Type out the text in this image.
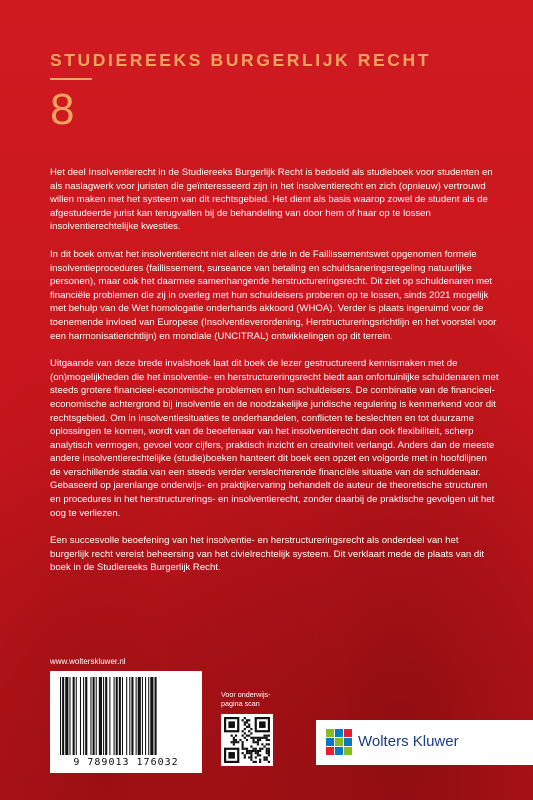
STUDIEREEKS BURGERLIJK RECHT
8

Het deel Insolventierecht in de Studiereeks Burgerlijk Recht is bedoeld als studieboek voor studenten en als naslagwerk voor juristen die geïnteresseerd zijn in het insolventierecht en zich (opnieuw) vertrouwd willen maken met het systeem van dit rechtsgebied. Het dient als basis waarop zowel de student als de afgestudeerde jurist kan terugvallen bij de behandeling van door hem of haar op te lossen insolventierechtelijke kwesties.

In dit boek omvat het insolventierecht niet alleen de drie in de Faillissementswet opgenomen formele insolventieprocedures (faillissement, surseance van betaling en schuldsaneringsregeling natuurlijke personen), maar ook het daarmee samenhangende herstructureringsrecht. Dit ziet op schuldenaren met financiële problemen die zij in overleg met hun schuldeisers proberen op te lossen, sinds 2021 mogelijk met behulp van de Wet homologatie onderhands akkoord (WHOA). Verder is plaats ingeruimd voor de toenemende invloed van Europese (Insolventieverordening, Herstructureringsrichtlijn en het voorstel voor een harmonisatierichtlijn) en mondiale (UNCITRAL) ontwikkelingen op dit terrein.

Uitgaande van deze brede invalshoek laat dit boek de lezer gestructureerd kennismaken met de (on)mogelijkheden die het insolventie- en herstructureringsrecht biedt aan onfortuinlijke schuldenaren met steeds grotere financieel-economische problemen en hun schuldeisers. De combinatie van de financieel-economische achtergrond bij insolventie en de noodzakelijke juridische regulering is kenmerkend voor dit rechtsgebied. Om in insolventiesituaties te onderhandelen, conflicten te beslechten en tot duurzame oplossingen te komen, wordt van de beoefenaar van het insolventierecht dan ook flexibiliteit, scherp analytisch vermogen, gevoel voor cijfers, praktisch inzicht en creativiteit verlangd. Anders dan de meeste andere insolventierechtelijke (studie)boeken hanteert dit boek een opzet en volgorde met in hoofdlijnen de verschillende stadia van een steeds verder verslechterende financiële situatie van de schuldenaar. Gebaseerd op jarenlange onderwijs- en praktijkervaring behandelt de auteur de theoretische structuren en procedures in het herstructurerings- en insolventierecht, zonder daarbij de praktische gevolgen uit het oog te verliezen.

Een succesvolle beoefening van het insolventie- en herstructureringsrecht als onderdeel van het burgerlijk recht vereist beheersing van het civielrechtelijk systeem. Dit verklaart mede de plaats van dit boek in de Studiereeks Burgerlijk Recht.

www.wolterskluwer.nl
9 789013 176032
Voor onderwijs-pagina scan
Wolters Kluwer
